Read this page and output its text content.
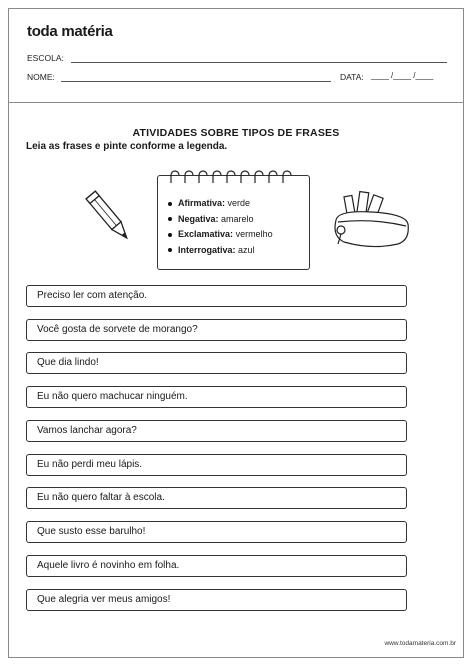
toda matéria
ESCOLA:
NOME:	DATA: ____ /____ /____
ATIVIDADES SOBRE TIPOS DE FRASES
Leia as frases e pinte conforme a legenda.
Afirmativa: verde
Negativa: amarelo
Exclamativa: vermelho
Interrogativa: azul
Preciso ler com atenção.
Você gosta de sorvete de morango?
Que dia lindo!
Eu não quero machucar ninguém.
Vamos lanchar agora?
Eu não perdi meu lápis.
Eu não quero faltar à escola.
Que susto esse barulho!
Aquele livro é novinho em folha.
Que alegria ver meus amigos!
www.todamateria.com.br
